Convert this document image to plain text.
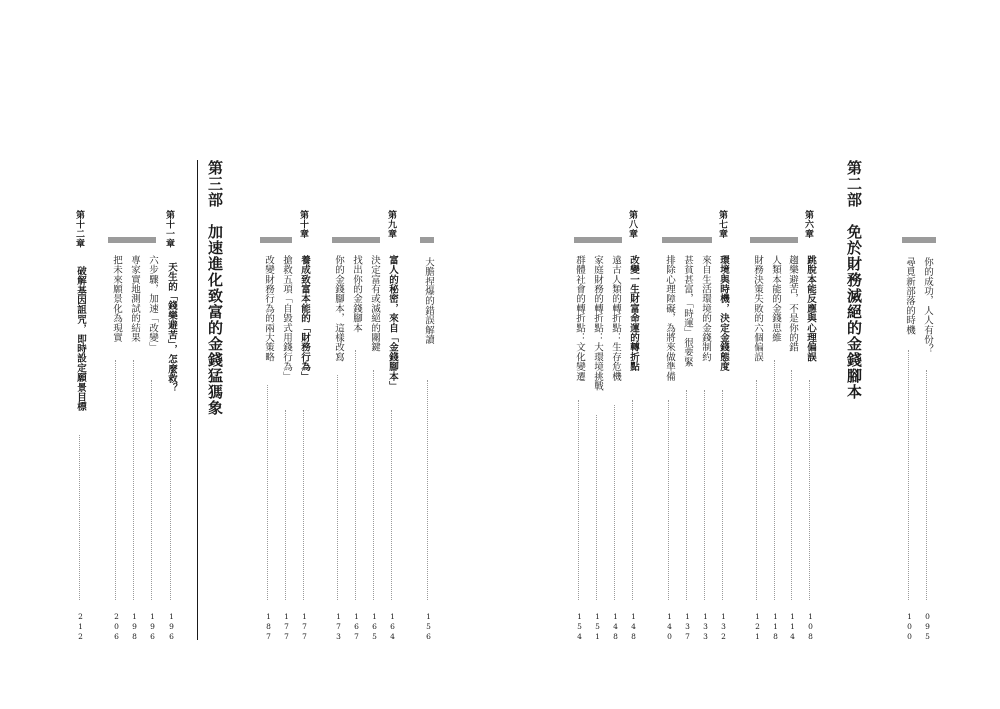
第二部　免於財務滅絕的金錢腳本	你的成功，人人有份？
095
尋覓新部落的時機
100
第六章
跳脫本能反應與心理偏誤
108
趨樂避苦，不是你的錯
114
人類本能的金錢思維
118
財務決策失敗的六個偏誤
121
第七章
環境與時機，決定金錢態度
132
來自生活環境的金錢制約
133
甚貧甚富，「時運」很要緊
137
排除心理障礙，為將來做準備
140
第八章
改變一生財富命運的轉折點
148
遠古人類的轉折點：生存危機
148
家庭財務的轉折點：大環境挑戰
151
群體社會的轉折點：文化變遷
154
第三部　加速進化致富的金錢猛獁象	大膽捏爆的錯誤解讀
156
第九章
富人的秘密，來自「金錢腳本」
164
決定富有或滅絕的關鍵
165
找出你的金錢腳本
167
你的金錢腳本，這樣改寫
173
第十章
養成致富本能的「財務行為」
177
搶救五項「自毀式用錢行為」
177
改變財務行為的兩大策略
187
第十一章
天生的「錢樂避苦」，怎麼救？
196
六步驟，加速「改變」
196
專家實地測試的結果
198
把未來願景化為現實
206
第十二章
破解基因詛咒，即時設定願景目標
212
